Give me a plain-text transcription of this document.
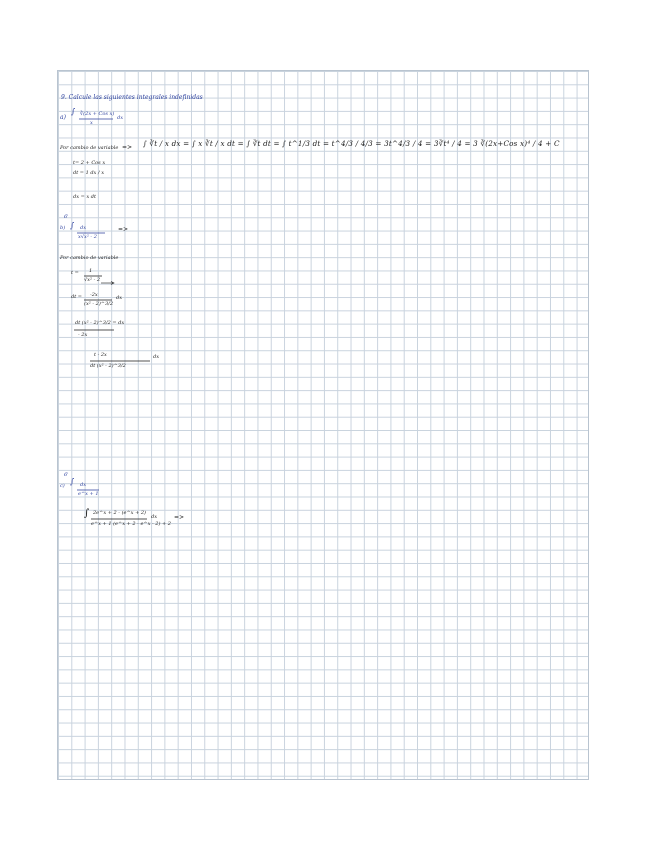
9. Calcule las siguientes integrales indefinidas
a)
∫ ∛(2x + Cos x)
x
dx
Por cambio de variable => ∫ ∛t / x dx = ∫ x ∛t / x dt = ∫ ∛t dt = ∫ t^1/3 dt = t^4/3 / 4/3 = 3t^4/3 / 4 = 3∛t⁴ / 4 = 3 ∛(2x+Cos x)⁴ / 4 + C
t= 2 + Cos x
dt = 1 dx / x
dx = x dt
6'
b) ∫ dx
x√x² - 2
=>
Por cambio de variable
t = 1
√x² - 2
dt = -2x
(x² - 2)^3/2
dx
dt (x² - 2)^3/2 = dx
- 2x
t - 2x
dt (x² - 2)^3/2
dx
6'
c) ∫ dx
e^x + 1
∫ 2e^x + 2 - (e^x + 2)
e^x + 1 (e^x + 2 - e^x - 2) + 2
dx	=>
